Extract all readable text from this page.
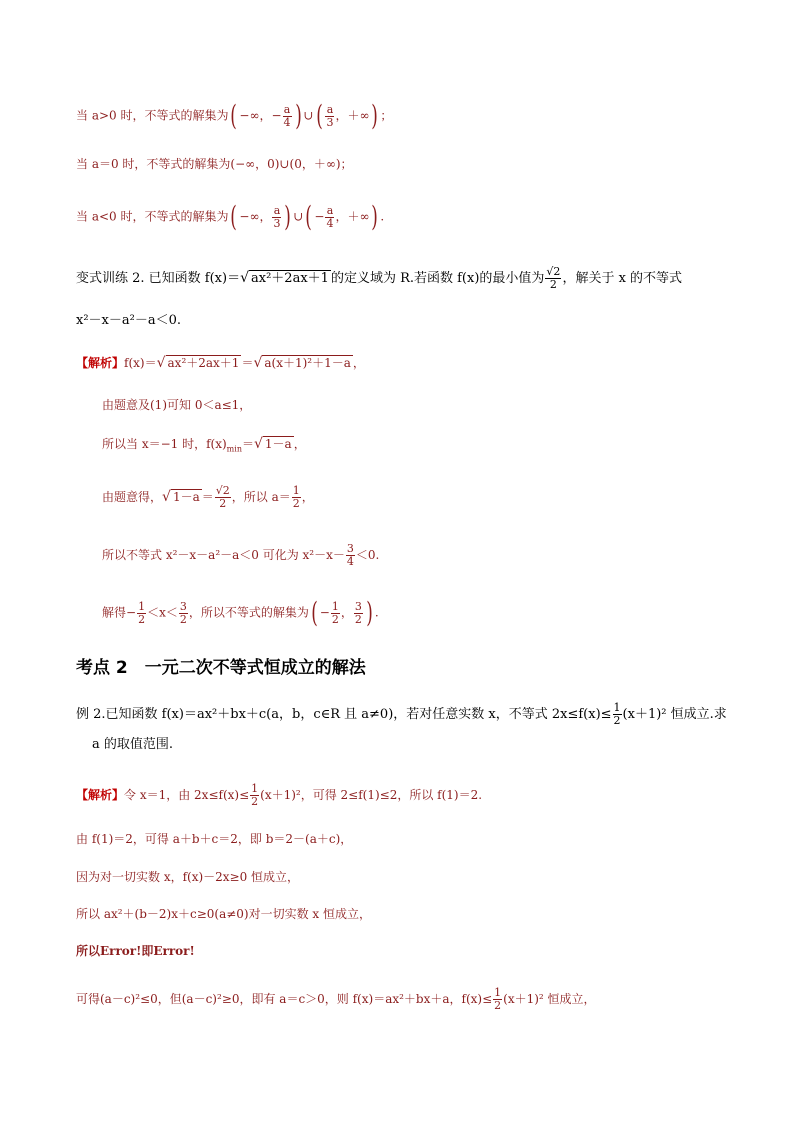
当 a>0 时，不等式的解集为( −∞，− $\frac{a}{4}$ ) ∪( $\frac{a}{3}$ ，＋∞) ；
当 a＝0 时，不等式的解集为(−∞，0)∪(0，＋∞)；
当 a<0 时，不等式的解集为( −∞， $\frac{a}{3}$ ) ∪( − $\frac{a}{4}$ ，＋∞) .
变式训练 2. 已知函数 f(x)＝√ ax²＋2ax＋1 的定义域为 R.若函数 f(x)的最小值为 $\frac{√2}{2}$ ，解关于 x 的不等式
x²－x－a²－a＜0.
【解析】f(x)＝√ ax²＋2ax＋1 ＝√ a(x＋1)²＋1－a ，
由题意及(1)可知 0＜a≤1，
所以当 x＝−1 时，$f(x)_{min}=√$ 1－a ，
由题意得，√ $1-a = \frac{√2}{2}$ ，所以 $a= \frac{1}{2}$ ，
所以不等式 x²－x－a²－a＜0 可化为 $x^2-x- \frac{3}{4} <0$.
解得− $\frac{1}{2} <x< \frac{3}{2}$ ，所以不等式的解集为( − $\frac{1}{2}$ ， $\frac{3}{2}$ ) .
考点 2　一元二次不等式恒成立的解法
例 2.已知函数 f(x)＝ax²＋bx＋c(a，b，c∈R 且 a≠0)，若对任意实数 x，不等式 $2x\le f(x)\le \frac{1}{2} (x+1)^2$ 恒成立.求
a 的取值范围.
【解析】令 x＝1，由 $2x\le f(x)\le \frac{1}{2} (x+1)^2$，可得 2≤f(1)≤2，所以 f(1)＝2.
由 f(1)＝2，可得 a＋b＋c＝2，即 b＝2－(a＋c)，
因为对一切实数 x，f(x)－2x≥0 恒成立，
所以 ax²＋(b－2)x＋c≥0(a≠0)对一切实数 x 恒成立，
所以Error!即Error!
可得(a－c)²≤0，但(a－c)²≥0，即有 a＝c＞0，则 f(x)＝ax²＋bx＋a，$f(x)\le \frac{1}{2} (x+1)^2$ 恒成立，
